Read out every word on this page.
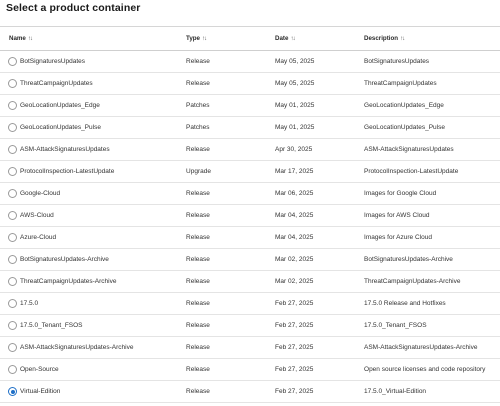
Select a product container
Name ↑↓		Type ↑↓	Date ↑↓	Description ↑↓
	BotSignaturesUpdates	Release	May 05, 2025	BotSignaturesUpdates
	ThreatCampaignUpdates	Release	May 05, 2025	ThreatCampaignUpdates
	GeoLocationUpdates_Edge	Patches	May 01, 2025	GeoLocationUpdates_Edge
	GeoLocationUpdates_Pulse	Patches	May 01, 2025	GeoLocationUpdates_Pulse
	ASM-AttackSignaturesUpdates	Release	Apr 30, 2025	ASM-AttackSignaturesUpdates
	ProtocolInspection-LatestUpdate	Upgrade	Mar 17, 2025	ProtocolInspection-LatestUpdate
	Google-Cloud	Release	Mar 06, 2025	Images for Google Cloud
	AWS-Cloud	Release	Mar 04, 2025	Images for AWS Cloud
	Azure-Cloud	Release	Mar 04, 2025	Images for Azure Cloud
	BotSignaturesUpdates-Archive	Release	Mar 02, 2025	BotSignaturesUpdates-Archive
	ThreatCampaignUpdates-Archive	Release	Mar 02, 2025	ThreatCampaignUpdates-Archive
	17.5.0	Release	Feb 27, 2025	17.5.0 Release and Hotfixes
	17.5.0_Tenant_FSOS	Release	Feb 27, 2025	17.5.0_Tenant_FSOS
	ASM-AttackSignaturesUpdates-Archive	Release	Feb 27, 2025	ASM-AttackSignaturesUpdates-Archive
	Open-Source	Release	Feb 27, 2025	Open source licenses and code repository
	Virtual-Edition	Release	Feb 27, 2025	17.5.0_Virtual-Edition
